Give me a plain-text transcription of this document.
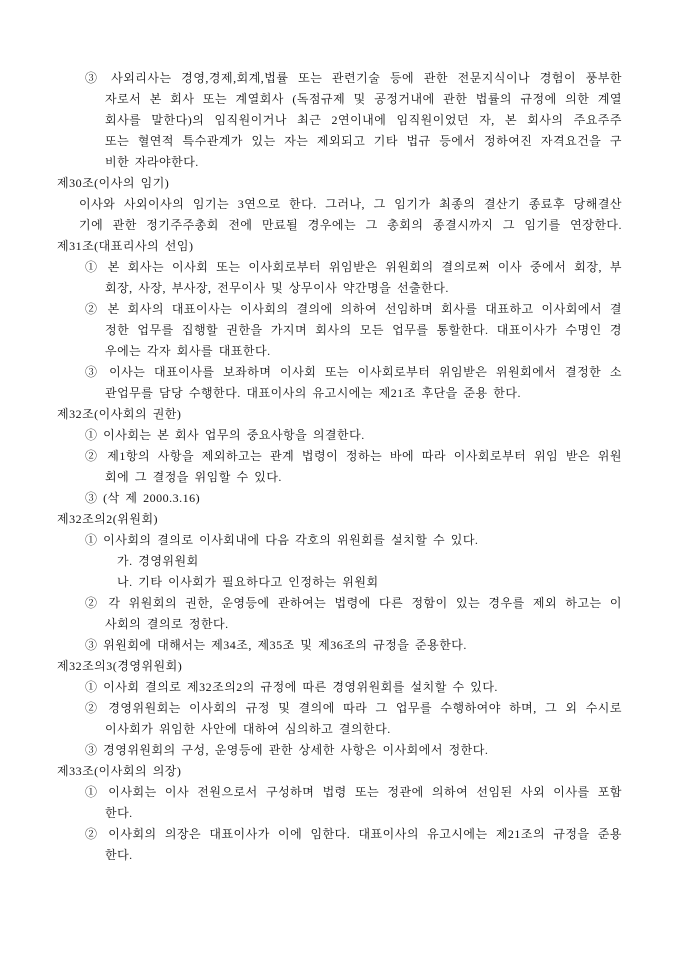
③ 사외리사는 경영,경제,회계,법률 또는 관련기술 등에 관한 전문지식이나 경험이 풍부한
자로서 본 회사 또는 계열회사 (독점규제 및 공정거내에 관한 법률의 규정에 의한 계열
회사를 말한다)의 임직원이거나 최근 2연이내에 임직원이었던 자, 본 회사의 주요주주
또는 혈연적 특수관계가 있는 자는 제외되고 기타 법규 등에서 정하여진 자격요건을 구
비한 자라야한다.
제30조(이사의 임기)
이사와 사외이사의 임기는 3연으로 한다. 그러나, 그 임기가 최종의 결산기 종료후 당해결산
기에 관한 정기주주총회 전에 만료될 경우에는 그 총회의 종결시까지 그 임기를 연장한다.
제31조(대표리사의 선임)
① 본 회사는 이사회 또는 이사회로부터 위임받은 위원회의 결의로쩌 이사 중에서 회장, 부
회장, 사장, 부사장, 전무이사 및 상무이사 약간명을 선출한다.
② 본 회사의 대표이사는 이사회의 결의에 의하여 선임하며 회사를 대표하고 이사회에서 결
정한 업무를 집행할 권한을 가지며 회사의 모든 업무를 통할한다. 대표이사가 수명인 경
우에는 각자 회사를 대표한다.
③ 이사는 대표이사를 보좌하며 이사회 또는 이사회로부터 위임받은 위원회에서 결정한 소
관업무를 담당 수행한다. 대표이사의 유고시에는 제21조 후단을 준용 한다.
제32조(이사회의 권한)
① 이사회는 본 회사 업무의 중요사항을 의결한다.
② 제1항의 사항을 제외하고는 관계 법령이 정하는 바에 따라 이사회로부터 위임 받은 위원
회에 그 결정을 위임할 수 있다.
③ (삭 제 2000.3.16)
제32조의2(위원회)
① 이사회의 결의로 이사회내에 다음 각호의 위원회를 설치할 수 있다.
가. 경영위원회
나. 기타 이사회가 필요하다고 인정하는 위원회
② 각 위원회의 권한, 운영등에 관하여는 법령에 다른 정함이 있는 경우를 제외 하고는 이
사회의 결의로 정한다.
③ 위원회에 대해서는 제34조, 제35조 및 제36조의 규정을 준용한다.
제32조의3(경영위원회)
① 이사회 결의로 제32조의2의 규정에 따른 경영위원회를 설치할 수 있다.
② 경영위원회는 이사회의 규정 및 결의에 따라 그 업무를 수행하여야 하며, 그 외 수시로
이사회가 위임한 사안에 대하여 심의하고 결의한다.
③ 경영위원회의 구성, 운영등에 관한 상세한 사항은 이사회에서 정한다.
제33조(이사회의 의장)
① 이사회는 이사 전원으로서 구성하며 법령 또는 정관에 의하여 선임된 사외 이사를 포함
한다.
② 이사회의 의장은 대표이사가 이에 임한다. 대표이사의 유고시에는 제21조의 규정을 준용
한다.
